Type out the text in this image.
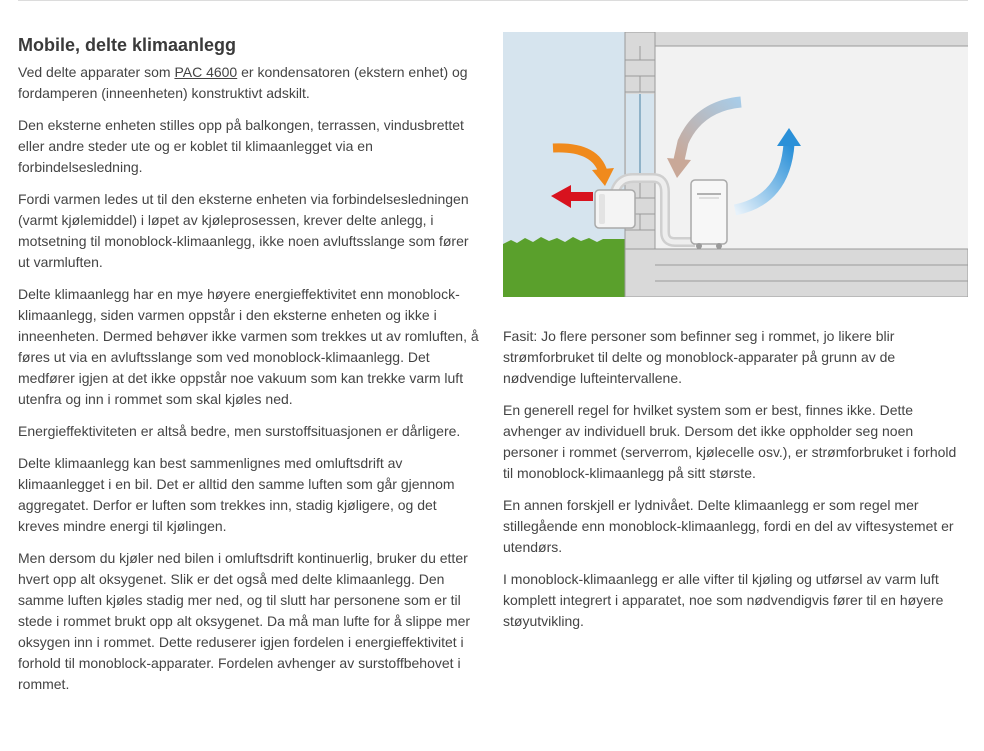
Mobile, delte klimaanlegg

Ved delte apparater som PAC 4600 er kondensatoren (ekstern enhet) og fordamperen (inneenheten) konstruktivt adskilt.

Den eksterne enheten stilles opp på balkongen, terrassen, vindusbrettet eller andre steder ute og er koblet til klimaanlegget via en forbindelsesledning.

Fordi varmen ledes ut til den eksterne enheten via forbindelsesledningen (varmt kjølemiddel) i løpet av kjøleprosessen, krever delte anlegg, i motsetning til monoblock-klimaanlegg, ikke noen avluftsslange som fører ut varmluften.

Delte klimaanlegg har en mye høyere energieffektivitet enn monoblock-klimaanlegg, siden varmen oppstår i den eksterne enheten og ikke i inneenheten. Dermed behøver ikke varmen som trekkes ut av romluften, å føres ut via en avluftsslange som ved monoblock-klimaanlegg. Det medfører igjen at det ikke oppstår noe vakuum som kan trekke varm luft utenfra og inn i rommet som skal kjøles ned.

Energieffektiviteten er altså bedre, men surstoffsituasjonen er dårligere.

Delte klimaanlegg kan best sammenlignes med omluftsdrift av klimaanlegget i en bil. Det er alltid den samme luften som går gjennom aggregatet. Derfor er luften som trekkes inn, stadig kjøligere, og det kreves mindre energi til kjølingen.

Men dersom du kjøler ned bilen i omluftsdrift kontinuerlig, bruker du etter hvert opp alt oksygenet. Slik er det også med delte klimaanlegg. Den samme luften kjøles stadig mer ned, og til slutt har personene som er til stede i rommet brukt opp alt oksygenet. Da må man lufte for å slippe mer oksygen inn i rommet. Dette reduserer igjen fordelen i energieffektivitet i forhold til monoblock-apparater. Fordelen avhenger av surstoffbehovet i rommet.

Fasit: Jo flere personer som befinner seg i rommet, jo likere blir strømforbruket til delte og monoblock-apparater på grunn av de nødvendige lufteintervallene.

En generell regel for hvilket system som er best, finnes ikke. Dette avhenger av individuell bruk. Dersom det ikke oppholder seg noen personer i rommet (serverrom, kjølecelle osv.), er strømforbruket i forhold til monoblock-klimaanlegg på sitt største.

En annen forskjell er lydnivået. Delte klimaanlegg er som regel mer stillegående enn monoblock-klimaanlegg, fordi en del av viftesystemet er utendørs.

I monoblock-klimaanlegg er alle vifter til kjøling og utførsel av varm luft komplett integrert i apparatet, noe som nødvendigvis fører til en høyere støyutvikling.
